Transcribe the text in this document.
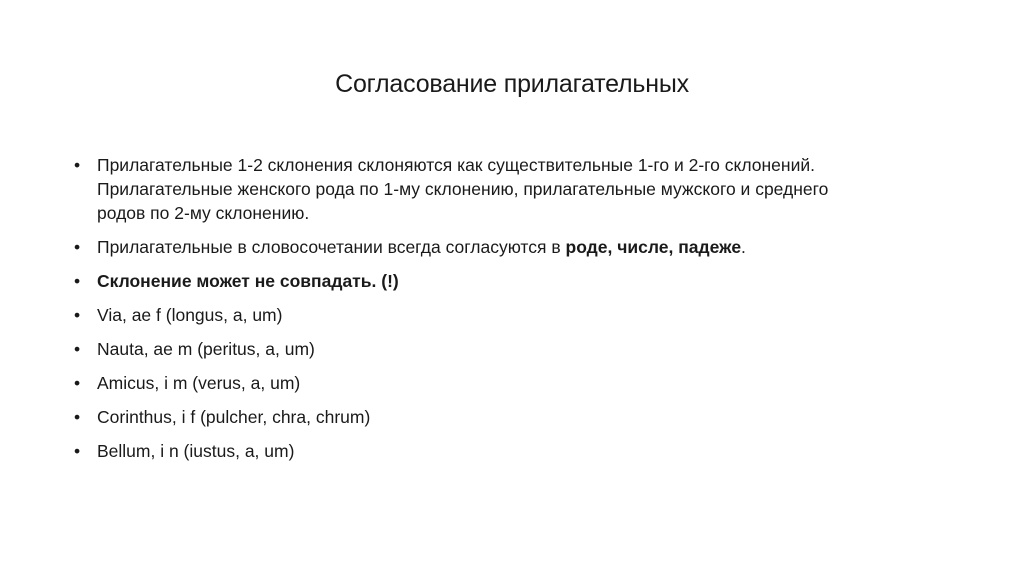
Согласование прилагательных
• Прилагательные 1-2 склонения склоняются как существительные 1-го и 2-го склонений.
Прилагательные женского рода по 1-му склонению, прилагательные мужского и среднего
родов по 2-му склонению.
• Прилагательные в словосочетании всегда согласуются в роде, числе, падеже.
• Склонение может не совпадать. (!)
• Via, ae f (longus, a, um)
• Nauta, ae m (peritus, a, um)
• Amicus, i m (verus, a, um)
• Corinthus, i f (pulcher, chra, chrum)
• Bellum, i n (iustus, a, um)
